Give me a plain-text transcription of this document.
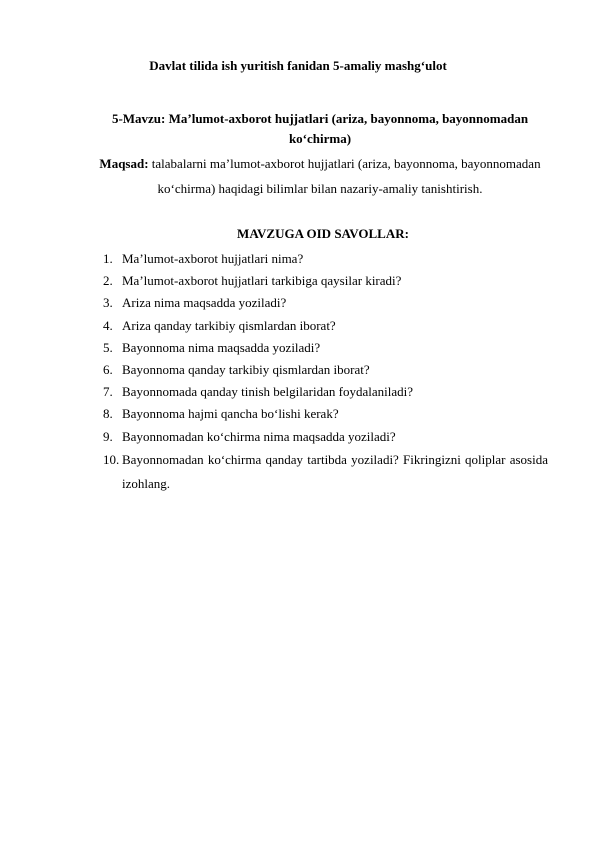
Davlat tilida ish yuritish fanidan 5-amaliy mashg‘ulot
5-Mavzu: Ma’lumot-axborot hujjatlari (ariza, bayonnoma, bayonnomadan ko‘chirma)
Maqsad: talabalarni ma’lumot-axborot hujjatlari (ariza, bayonnoma, bayonnomadan ko‘chirma) haqidagi bilimlar bilan nazariy-amaliy tanishtirish.
MAVZUGA OID SAVOLLAR:
1. Ma’lumot-axborot hujjatlari nima?
2. Ma’lumot-axborot hujjatlari tarkibiga qaysilar kiradi?
3. Ariza nima maqsadda yoziladi?
4. Ariza qanday tarkibiy qismlardan iborat?
5. Bayonnoma nima maqsadda yoziladi?
6. Bayonnoma qanday tarkibiy qismlardan iborat?
7. Bayonnomada qanday tinish belgilaridan foydalaniladi?
8. Bayonnoma hajmi qancha bo‘lishi kerak?
9. Bayonnomadan ko‘chirma nima maqsadda yoziladi?
10. Bayonnomadan ko‘chirma qanday tartibda yoziladi? Fikringizni qoliplar asosida izohlang.
